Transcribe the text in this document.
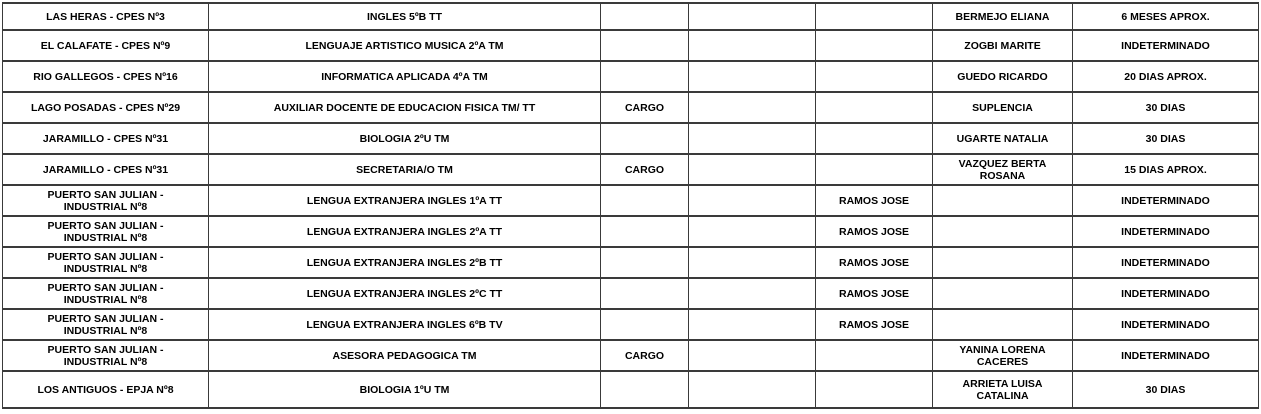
LAS HERAS - CPES Nº3	INGLES 5ºB TT				BERMEJO ELIANA	6 MESES APROX.
EL CALAFATE - CPES Nº9	LENGUAJE ARTISTICO MUSICA 2ºA TM				ZOGBI MARITE	INDETERMINADO
RIO GALLEGOS - CPES Nº16	INFORMATICA APLICADA 4ºA TM				GUEDO RICARDO	20 DIAS APROX.
LAGO POSADAS - CPES Nº29	AUXILIAR DOCENTE DE EDUCACION FISICA TM/ TT	CARGO			SUPLENCIA	30 DIAS
JARAMILLO - CPES Nº31	BIOLOGIA 2ºU TM				UGARTE NATALIA	30 DIAS
JARAMILLO - CPES Nº31	SECRETARIA/O TM	CARGO			VAZQUEZ BERTA ROSANA	15 DIAS APROX.
PUERTO SAN JULIAN - INDUSTRIAL Nº8	LENGUA EXTRANJERA INGLES 1ºA TT			RAMOS JOSE		INDETERMINADO
PUERTO SAN JULIAN - INDUSTRIAL Nº8	LENGUA EXTRANJERA INGLES 2ºA TT			RAMOS JOSE		INDETERMINADO
PUERTO SAN JULIAN - INDUSTRIAL Nº8	LENGUA EXTRANJERA INGLES 2ºB TT			RAMOS JOSE		INDETERMINADO
PUERTO SAN JULIAN - INDUSTRIAL Nº8	LENGUA EXTRANJERA INGLES 2ºC TT			RAMOS JOSE		INDETERMINADO
PUERTO SAN JULIAN - INDUSTRIAL Nº8	LENGUA EXTRANJERA INGLES 6ºB TV			RAMOS JOSE		INDETERMINADO
PUERTO SAN JULIAN - INDUSTRIAL Nº8	ASESORA PEDAGOGICA TM	CARGO			YANINA LORENA CACERES	INDETERMINADO
LOS ANTIGUOS - EPJA Nº8	BIOLOGIA 1ºU TM				ARRIETA LUISA CATALINA	30 DIAS
